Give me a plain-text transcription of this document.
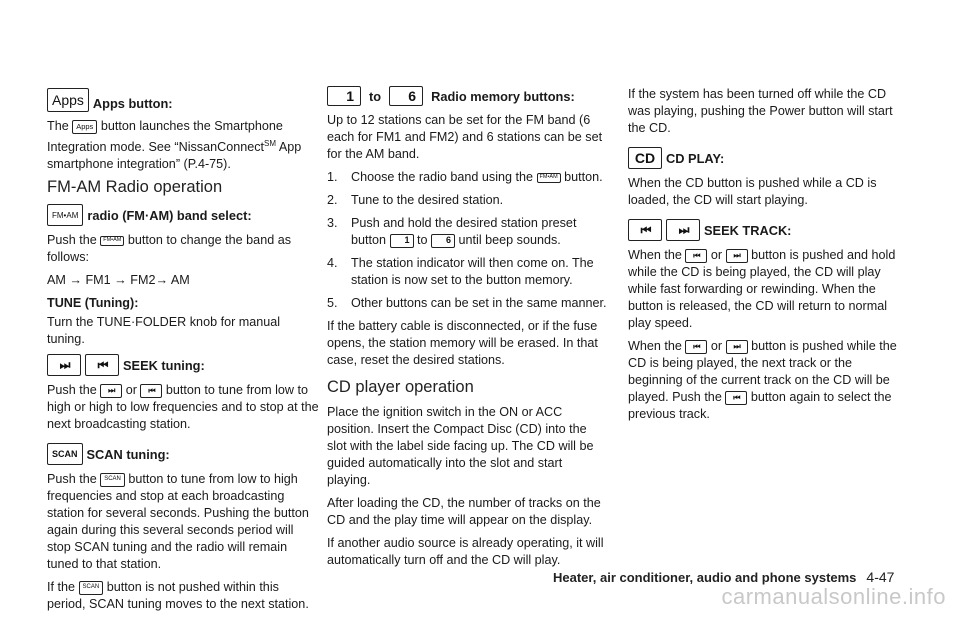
Apps Apps button:

The Apps button launches the Smartphone Integration mode. See “NissanConnect℠ App smartphone integration” (P.4-75).

FM-AM Radio operation
FM•AM radio (FM·AM) band select:

Push the FM•AM button to change the band as follows:

AM → FM1 → FM2→ AM

TUNE (Tuning):

Turn the TUNE·FOLDER knob for manual tuning.

⏭	⏮	SEEK tuning:

Push the ⏭ or ⏮ button to tune from low to high or high to low frequencies and to stop at the next broadcasting station.

SCAN SCAN tuning:

Push the SCAN button to tune from low to high frequencies and stop at each broadcasting station for several seconds. Pushing the button again during this several seconds period will stop SCAN tuning and the radio will remain tuned to that station.

If the SCAN button is not pushed within this period, SCAN tuning moves to the next station.

1	to	6	Radio memory buttons:

Up to 12 stations can be set for the FM band (6 each for FM1 and FM2) and 6 stations can be set for the AM band.

1. Choose the radio band using the FM•AM button.
2. Tune to the desired station.
3. Push and hold the desired station preset button 1 to 6 until beep sounds.
4. The station indicator will then come on. The station is now set to the button memory.
5. Other buttons can be set in the same manner.

If the battery cable is disconnected, or if the fuse opens, the station memory will be erased. In that case, reset the desired stations.

CD player operation

Place the ignition switch in the ON or ACC position. Insert the Compact Disc (CD) into the slot with the label side facing up. The CD will be guided automatically into the slot and start playing.

After loading the CD, the number of tracks on the CD and the play time will appear on the display.

If another audio source is already operating, it will automatically turn off and the CD will play.

If the system has been turned off while the CD was playing, pushing the Power button will start the CD.

CD CD PLAY:

When the CD button is pushed while a CD is loaded, the CD will start playing.

⏮	⏭	SEEK TRACK:

When the ⏮ or ⏭ button is pushed and hold while the CD is being played, the CD will play while fast forwarding or rewinding. When the button is released, the CD will return to normal play speed.

When the ⏮ or ⏭ button is pushed while the CD is being played, the next track or the beginning of the current track on the CD will be played. Push the ⏮ button again to select the previous track.

Heater, air conditioner, audio and phone systems 4-47
carmanualsonline.info
